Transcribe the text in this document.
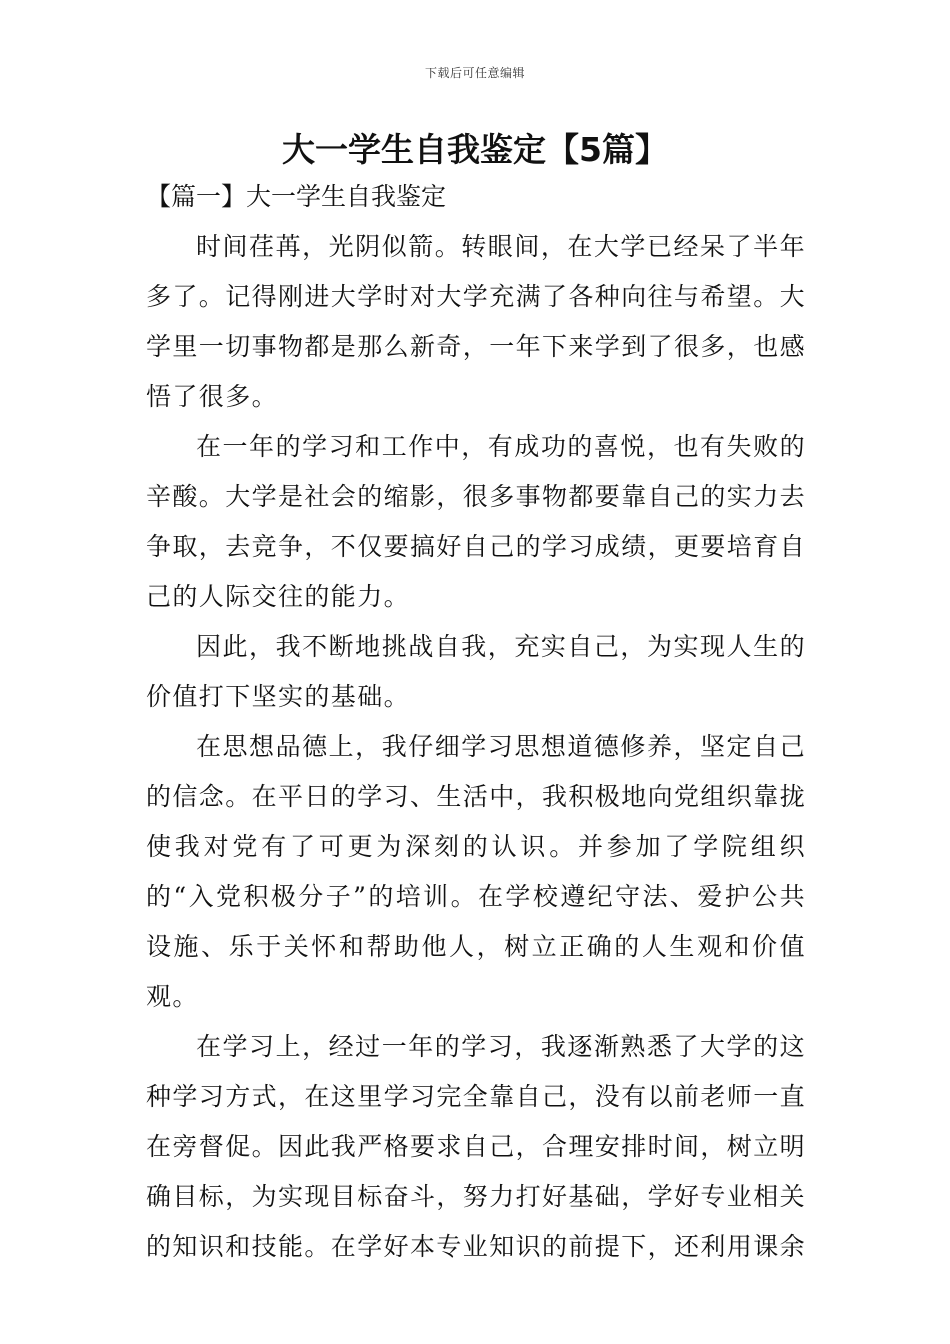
下载后可任意编辑
大一学生自我鉴定【5篇】

【篇一】大一学生自我鉴定

时间荏苒，光阴似箭。转眼间，在大学已经呆了半年多了。记得刚进大学时对大学充满了各种向往与希望。大学里一切事物都是那么新奇，一年下来学到了很多，也感悟了很多。

在一年的学习和工作中，有成功的喜悦，也有失败的辛酸。大学是社会的缩影，很多事物都要靠自己的实力去争取，去竞争，不仅要搞好自己的学习成绩，更要培育自己的人际交往的能力。

因此，我不断地挑战自我，充实自己，为实现人生的价值打下坚实的基础。

在思想品德上，我仔细学习思想道德修养，坚定自己的信念。在平日的学习、生活中，我积极地向党组织靠拢使我对党有了可更为深刻的认识。并参加了学院组织的“入党积极分子”的培训。在学校遵纪守法、爱护公共设施、乐于关怀和帮助他人，树立正确的人生观和价值观。

在学习上，经过一年的学习，我逐渐熟悉了大学的这种学习方式，在这里学习完全靠自己，没有以前老师一直在旁督促。因此我严格要求自己，合理安排时间，树立明确目标，为实现目标奋斗，努力打好基础，学好专业相关的知识和技能。在学好本专业知识的前提下，还利用课余
